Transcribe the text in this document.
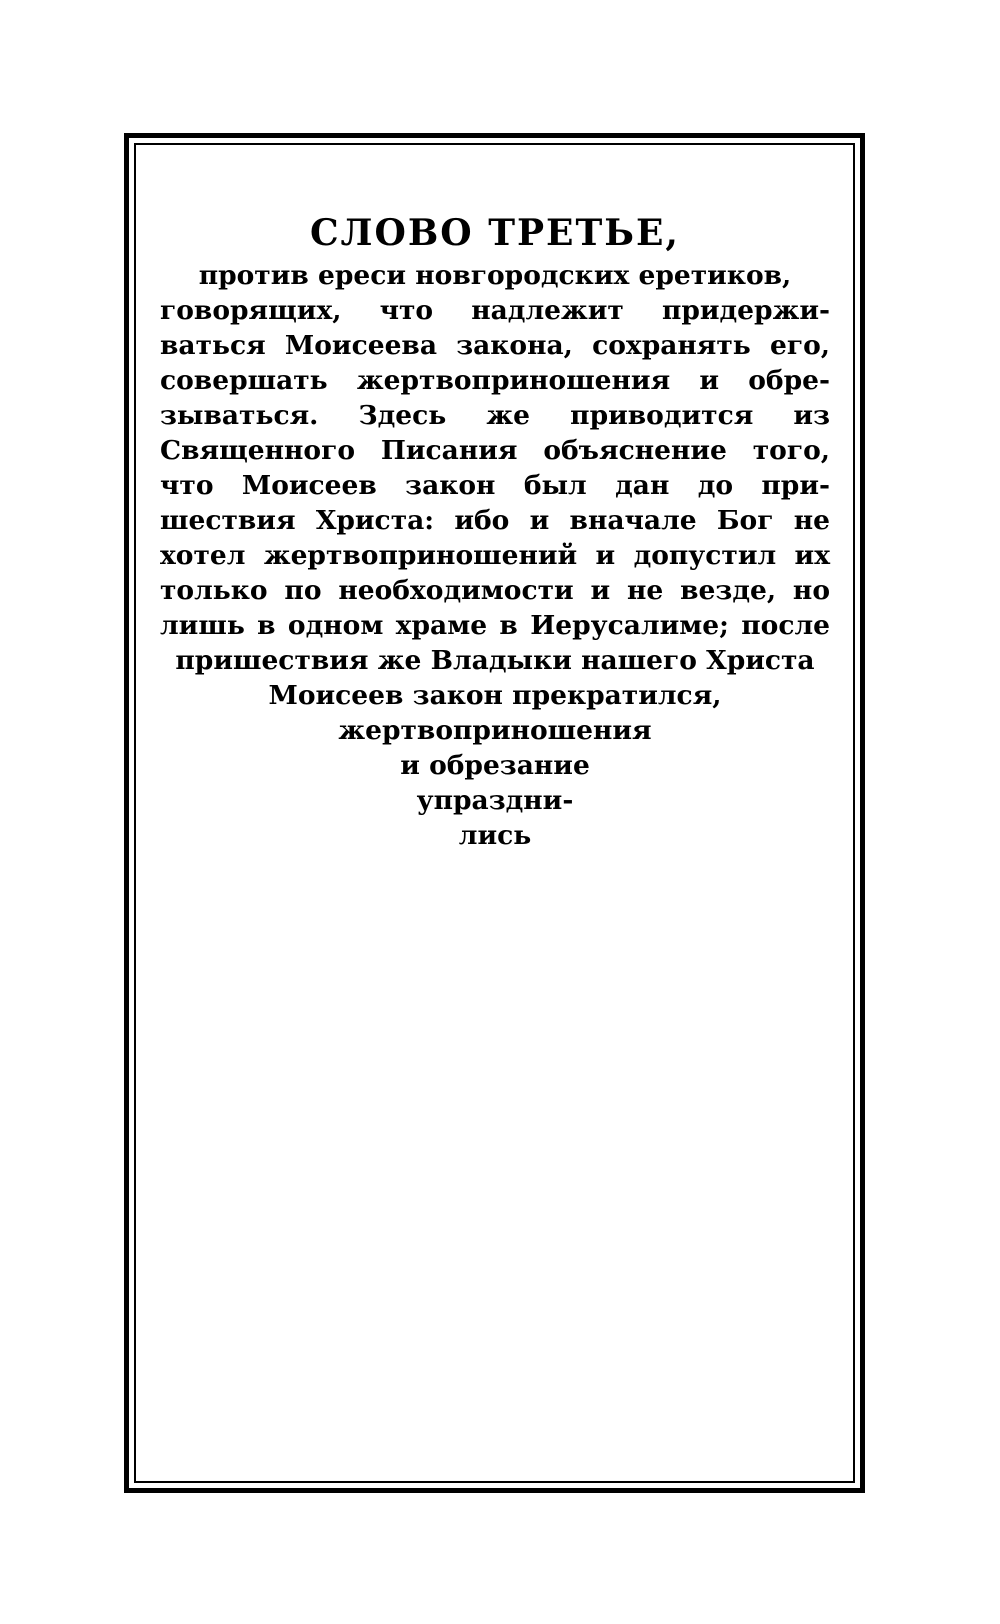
СЛОВО ТРЕТЬЕ,
против ереси новгородских еретиков,
говорящих, что надлежит придержи-
ваться Моисеева закона, сохранять его,
совершать жертвоприношения и обре-
зываться. Здесь же приводится из
Священного Писания объяснение того,
что Моисеев закон был дан до при-
шествия Христа: ибо и вначале Бог не
хотел жертвоприношений и допустил их
только по необходимости и не везде, но
лишь в одном храме в Иерусалиме; после
пришествия же Владыки нашего Христа
Моисеев закон прекратился,
жертвоприношения
и обрезание
упраздни-
лись
